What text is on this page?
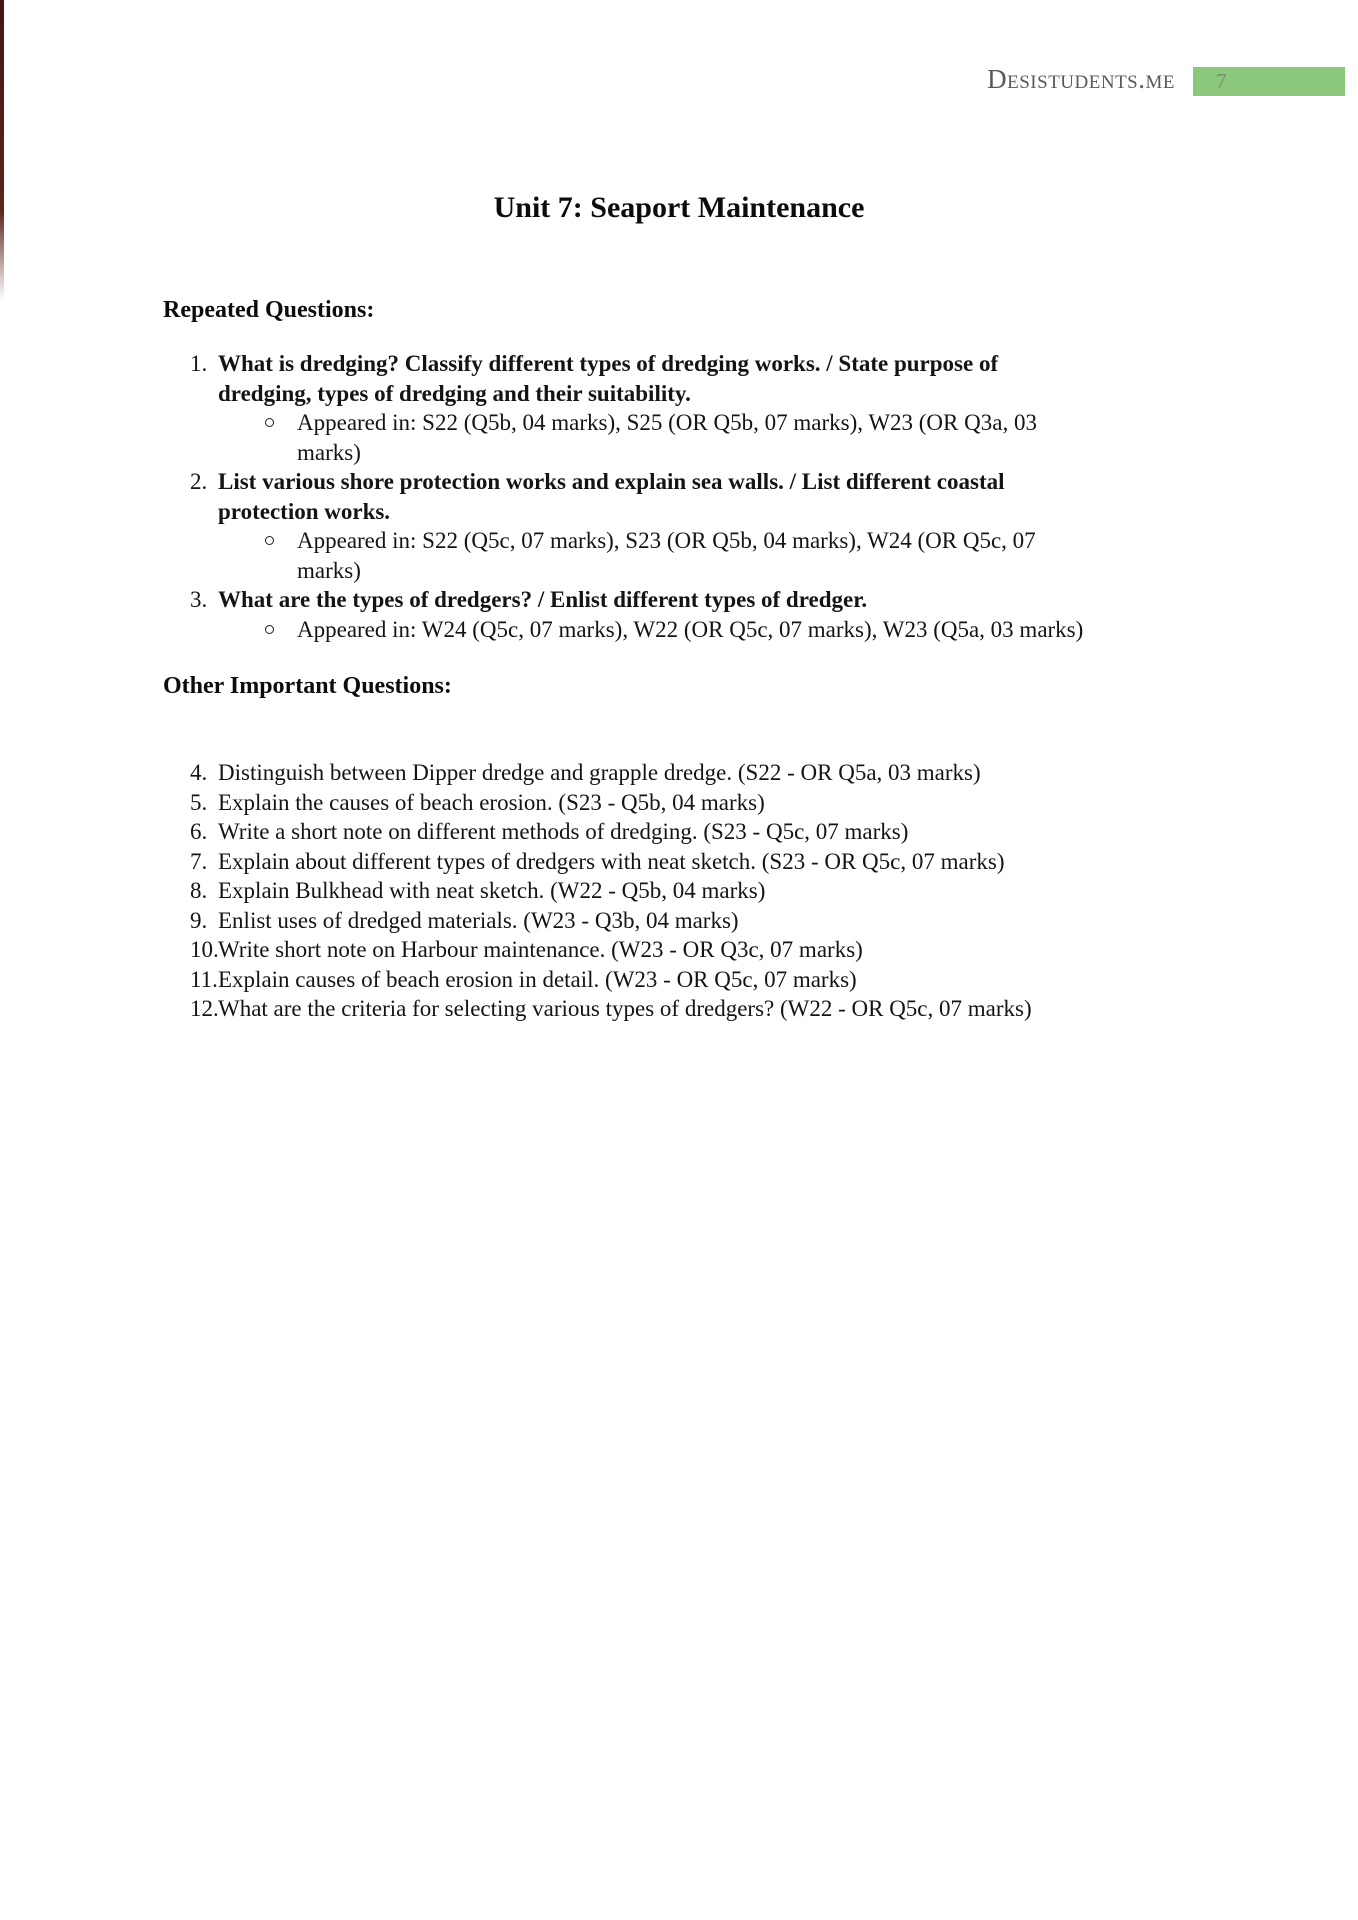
Desistudents.me	7
Unit 7: Seaport Maintenance
Repeated Questions:
1. What is dredging? Classify different types of dredging works. / State purpose of
dredging, types of dredging and their suitability.
Appeared in: S22 (Q5b, 04 marks), S25 (OR Q5b, 07 marks), W23 (OR Q3a, 03
marks)
2. List various shore protection works and explain sea walls. / List different coastal
protection works.
Appeared in: S22 (Q5c, 07 marks), S23 (OR Q5b, 04 marks), W24 (OR Q5c, 07
marks)
3. What are the types of dredgers? / Enlist different types of dredger.
Appeared in: W24 (Q5c, 07 marks), W22 (OR Q5c, 07 marks), W23 (Q5a, 03 marks)
Other Important Questions:
4. Distinguish between Dipper dredge and grapple dredge. (S22 - OR Q5a, 03 marks)
5. Explain the causes of beach erosion. (S23 - Q5b, 04 marks)
6. Write a short note on different methods of dredging. (S23 - Q5c, 07 marks)
7. Explain about different types of dredgers with neat sketch. (S23 - OR Q5c, 07 marks)
8. Explain Bulkhead with neat sketch. (W22 - Q5b, 04 marks)
9. Enlist uses of dredged materials. (W23 - Q3b, 04 marks)
10. Write short note on Harbour maintenance. (W23 - OR Q3c, 07 marks)
11. Explain causes of beach erosion in detail. (W23 - OR Q5c, 07 marks)
12. What are the criteria for selecting various types of dredgers? (W22 - OR Q5c, 07 marks)
